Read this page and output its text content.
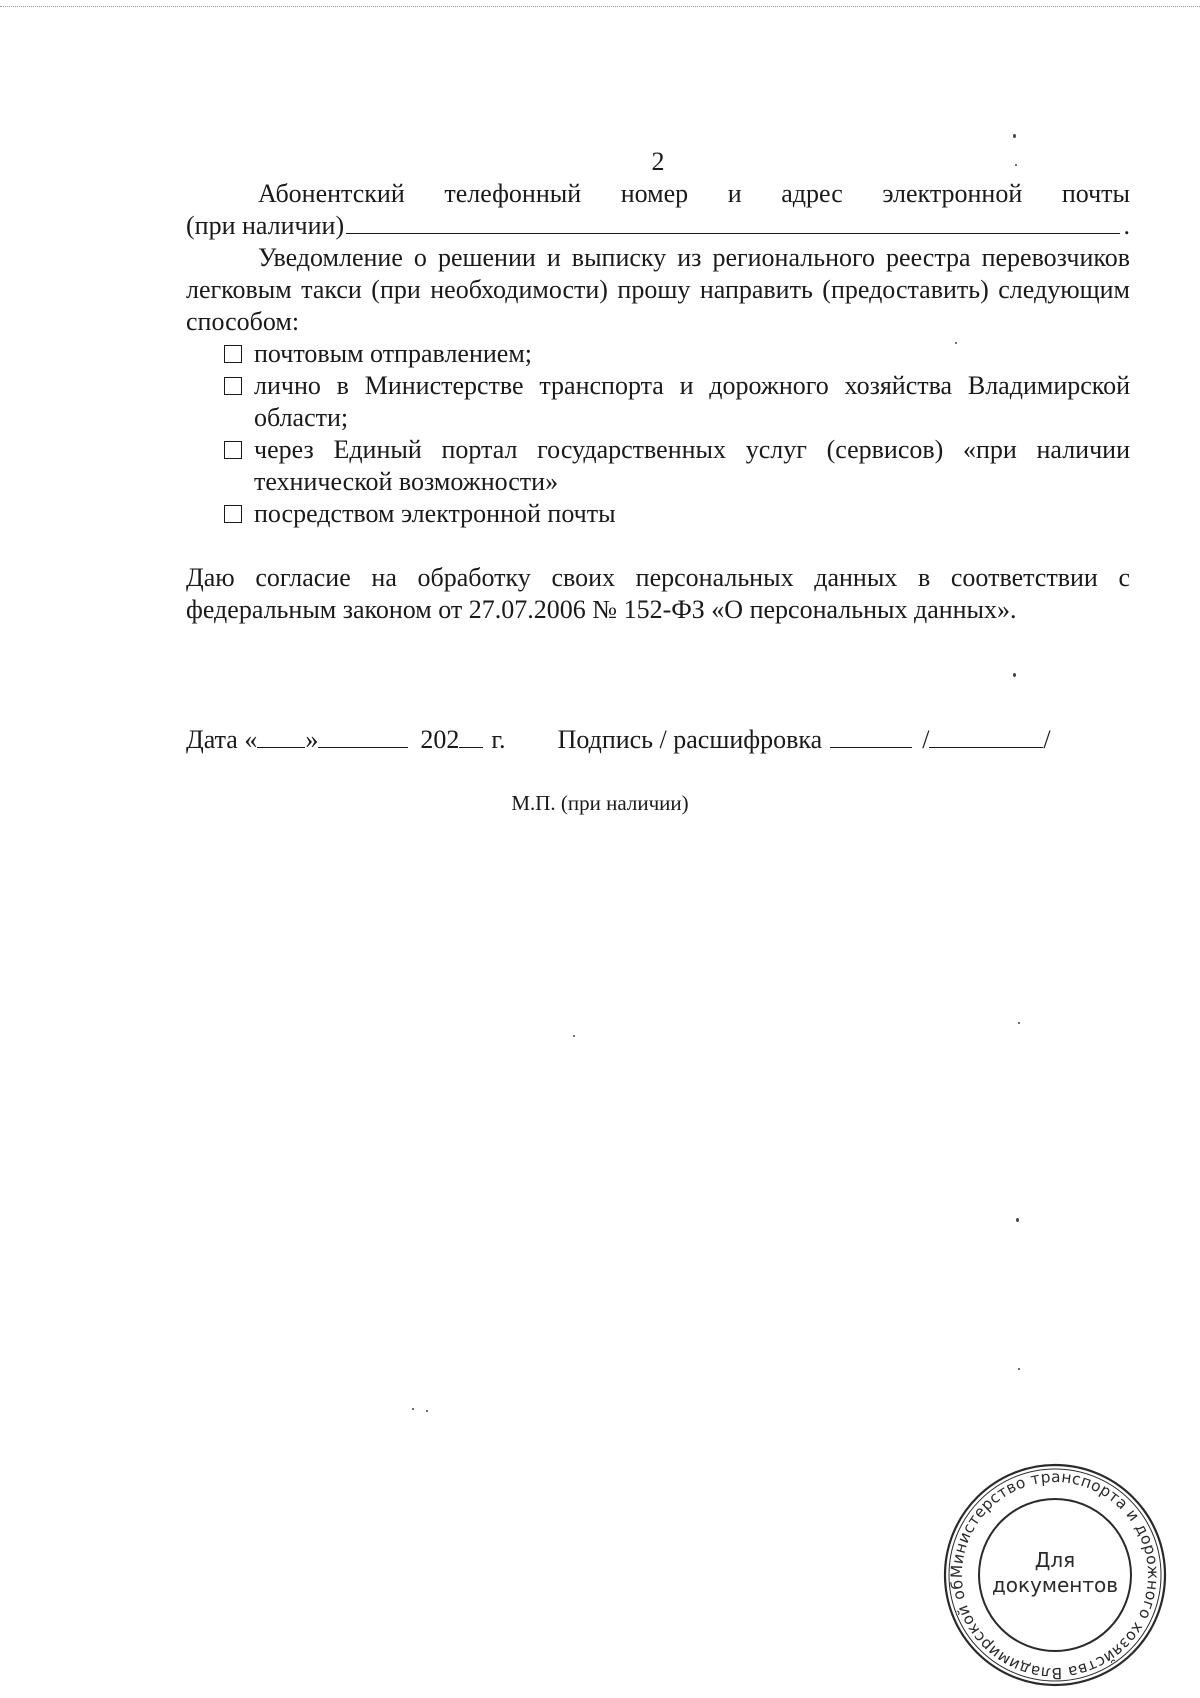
2

Абонентский телефонный номер и адрес электронной почты

(при наличии)	.

Уведомление о решении и выписку из регионального реестра перевозчиков легковым такси (при необходимости) прошу направить (предоставить) следующим способом:

почтовым отправлением;
лично в Министерстве транспорта и дорожного хозяйства Владимирской области;
через Единый портал государственных услуг (сервисов) «при наличии технической возможности»
посредством электронной почты

Даю согласие на обработку своих персональных данных в соответствии с федеральным законом от 27.07.2006 № 152-ФЗ «О персональных данных».

Дата « »	202 г. Подпись / расшифровка	/	/
М.П. (при наличии)
Министерство транспорта и дорожного хозяйства Владимирской области
Для
документов
